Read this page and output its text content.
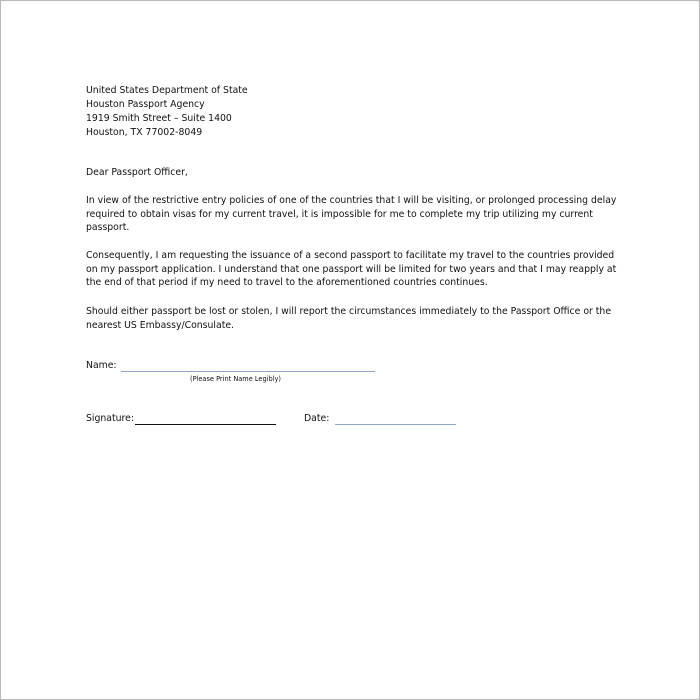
United States Department of State
Houston Passport Agency
1919 Smith Street – Suite 1400
Houston, TX 77002-8049
Dear Passport Officer,

In view of the restrictive entry policies of one of the countries that I will be visiting, or prolonged processing delay required to obtain visas for my current travel, it is impossible for me to complete my trip utilizing my current passport.

Consequently, I am requesting the issuance of a second passport to facilitate my travel to the countries provided on my passport application. I understand that one passport will be limited for two years and that I may reapply at the end of that period if my need to travel to the aforementioned countries continues.

Should either passport be lost or stolen, I will report the circumstances immediately to the Passport Office or the nearest US Embassy/Consulate.

Name:
(Please Print Name Legibly)
Signature:	Date:
